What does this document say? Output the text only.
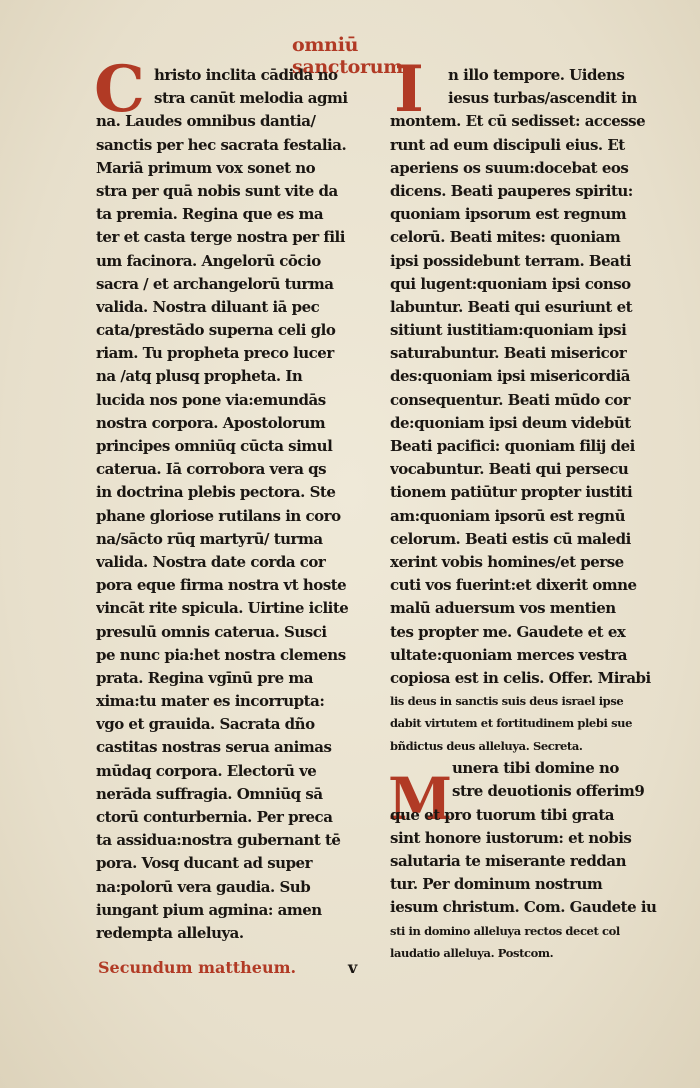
omniū sanctorum.
C	I
M
hristo inclita cādida no
stra canūt melodia agmi
na. Laudes omnibus dantia/
sanctis per hec sacrata festalia.
Mariā primum vox sonet no
stra per quā nobis sunt vite da
ta premia. Regina que es ma
ter et casta terge nostra per fili
um facinora. Angelorū cōcio
sacra / et archangelorū turma
valida. Nostra diluant iā pec
cata/prestādo superna celi glo
riam. Tu propheta preco lucer
na /atq plusq propheta. In
lucida nos pone via:emundās
nostra corpora. Apostolorum
principes omniūq cūcta simul
caterua. Iā corrobora vera qs
in doctrina plebis pectora. Ste
phane gloriose rutilans in coro
na/sācto rūq martyrū/ turma
valida. Nostra date corda cor
pora eque firma nostra vt hoste
vincāt rite spicula. Uirtine iclite
presulū omnis caterua. Susci
pe nunc pia:het nostra clemens
prata. Regina vgīnū pre ma
xima:tu mater es incorrupta:
vgo et grauida. Sacrata dño
castitas nostras serua animas
mūdaq corpora. Electorū ve
nerāda suffragia. Omniūq sā
ctorū conturbernia. Per preca
ta assidua:nostra gubernant tē
pora. Vosq ducant ad super
na:polorū vera gaudia. Sub
iungant pium agmina: amen
redempta alleluya.
Secundum mattheum.	v
n illo tempore. Uidens
iesus turbas/ascendit in
montem. Et cū sedisset: accesse
runt ad eum discipuli eius. Et
aperiens os suum:docebat eos
dicens. Beati pauperes spiritu:
quoniam ipsorum est regnum
celorū. Beati mites: quoniam
ipsi possidebunt terram. Beati
qui lugent:quoniam ipsi conso
labuntur. Beati qui esuriunt et
sitiunt iustitiam:quoniam ipsi
saturabuntur. Beati misericor
des:quoniam ipsi misericordiā
consequentur. Beati mūdo cor
de:quoniam ipsi deum videbūt
Beati pacifici: quoniam filij dei
vocabuntur. Beati qui persecu
tionem patiūtur propter iustiti
am:quoniam ipsorū est regnū
celorum. Beati estis cū maledi
xerint vobis homines/et perse
cuti vos fuerint:et dixerit omne
malū aduersum vos mentien
tes propter me. Gaudete et ex
ultate:quoniam merces vestra
copiosa est in celis. Offer. Mirabi
lis deus in sanctis suis deus israel ipse
dabit virtutem et fortitudinem plebi sue
bñdictus deus alleluya. Secreta.
unera tibi domine no
stre deuotionis offerim9
que et pro tuorum tibi grata
sint honore iustorum: et nobis
salutaria te miserante reddan
tur. Per dominum nostrum
iesum christum. Com. Gaudete iu
sti in domino alleluya rectos decet col
laudatio alleluya. Postcom.
